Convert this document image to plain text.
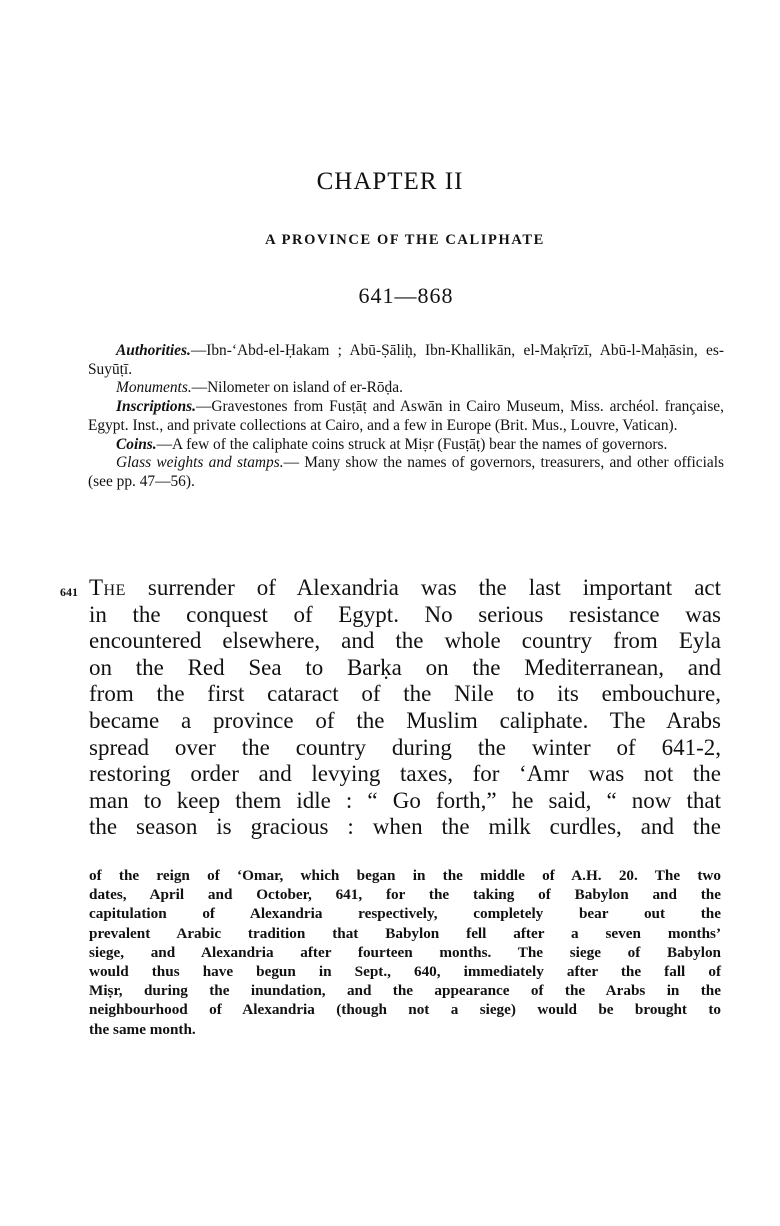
CHAPTER II
A PROVINCE OF THE CALIPHATE
641—868

Authorities.—Ibn-‘Abd-el-Ḥakam ; Abū-Ṣāliḥ, Ibn-Khallikān, el-Maḳrīzī, Abū-l-Maḥāsin, es-Suyūṭī.

Monuments.—Nilometer on island of er-Rōḍa.

Inscriptions.—Gravestones from Fusṭāṭ and Aswān in Cairo Museum, Miss. archéol. française, Egypt. Inst., and private collections at Cairo, and a few in Europe (Brit. Mus., Louvre, Vatican).

Coins.—A few of the caliphate coins struck at Miṣr (Fusṭāṭ) bear the names of governors.

Glass weights and stamps.— Many show the names of governors, treasurers, and other officials (see pp. 47—56).

641 The surrender of Alexandria was the last important act
in the conquest of Egypt. No serious resistance was
encountered elsewhere, and the whole country from Eyla
on the Red Sea to Barḳa on the Mediterranean, and
from the first cataract of the Nile to its embouchure,
became a province of the Muslim caliphate. The Arabs
spread over the country during the winter of 641-2,
restoring order and levying taxes, for ‘Amr was not the
man to keep them idle : “ Go forth,” he said, “ now that
the season is gracious : when the milk curdles, and the
of the reign of ‘Omar, which began in the middle of A.H. 20. The two
dates, April and October, 641, for the taking of Babylon and the
capitulation of Alexandria respectively, completely bear out the
prevalent Arabic tradition that Babylon fell after a seven months’
siege, and Alexandria after fourteen months. The siege of Babylon
would thus have begun in Sept., 640, immediately after the fall of
Miṣr, during the inundation, and the appearance of the Arabs in the
neighbourhood of Alexandria (though not a siege) would be brought to
the same month.
